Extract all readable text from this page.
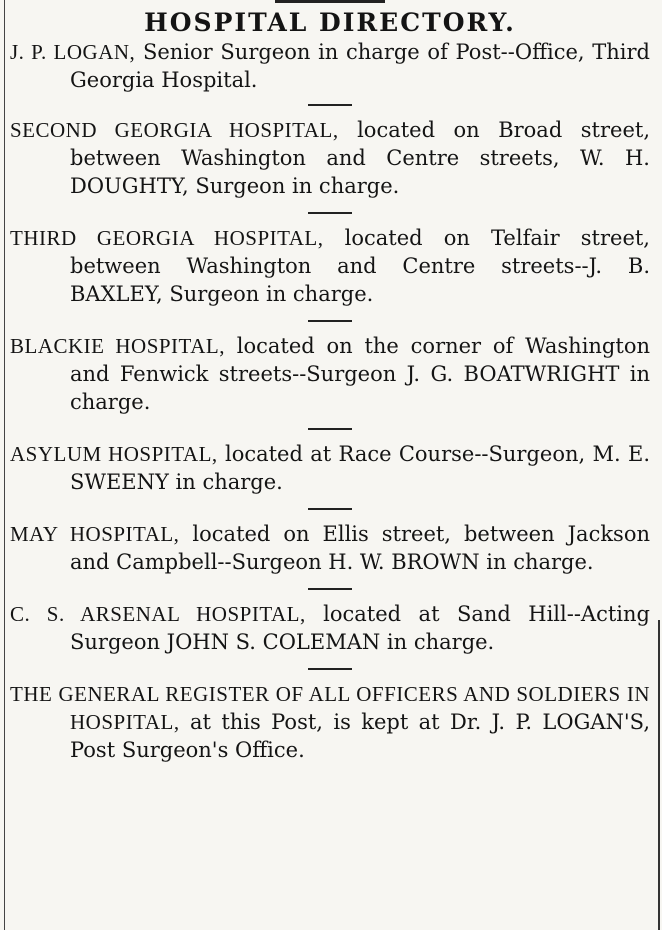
HOSPITAL DIRECTORY.

J. P. LOGAN, Senior Surgeon in charge of Post--Office, Third Georgia Hospital.

SECOND GEORGIA HOSPITAL, located on Broad street, between Washington and Centre streets, W. H. DOUGHTY, Surgeon in charge.

THIRD GEORGIA HOSPITAL, located on Telfair street, between Washington and Centre streets--J. B. BAXLEY, Surgeon in charge.

BLACKIE HOSPITAL, located on the corner of Washington and Fenwick streets--Surgeon J. G. BOATWRIGHT in charge.

ASYLUM HOSPITAL, located at Race Course--Surgeon, M. E. SWEENY in charge.

MAY HOSPITAL, located on Ellis street, between Jackson and Campbell--Surgeon H. W. BROWN in charge.

C. S. ARSENAL HOSPITAL, located at Sand Hill--Acting Surgeon JOHN S. COLEMAN in charge.

THE GENERAL REGISTER OF ALL OFFICERS AND SOLDIERS IN HOSPITAL, at this Post, is kept at Dr. J. P. LOGAN'S, Post Surgeon's Office.
